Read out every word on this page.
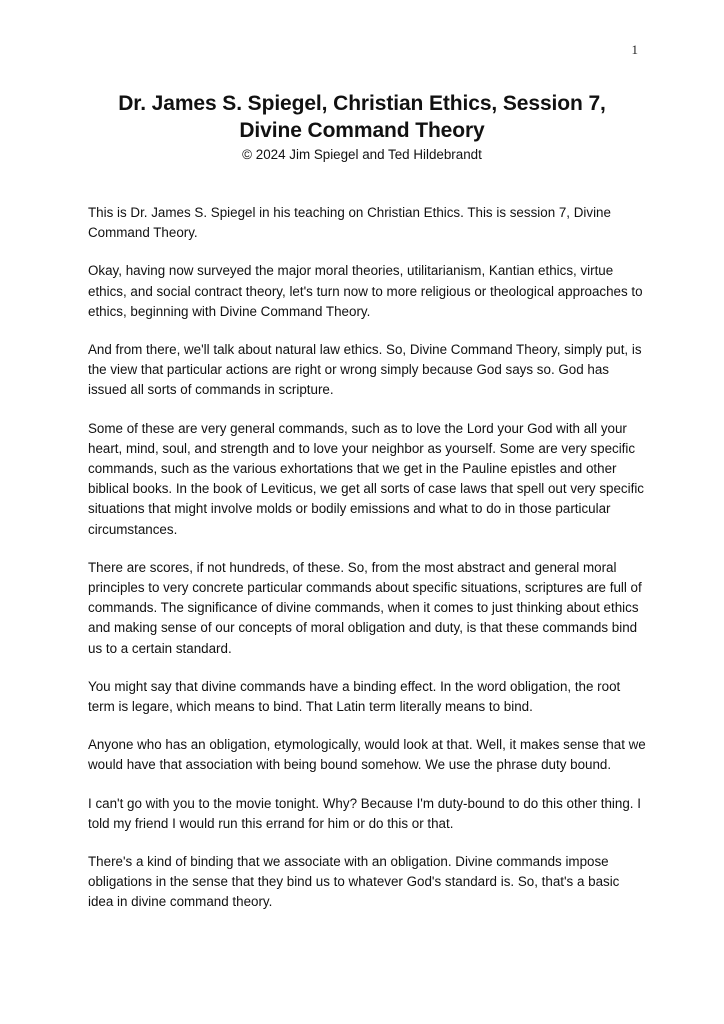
1
Dr. James S. Spiegel, Christian Ethics, Session 7,
Divine Command Theory
© 2024 Jim Spiegel and Ted Hildebrandt

This is Dr. James S. Spiegel in his teaching on Christian Ethics. This is session 7, Divine Command Theory.

Okay, having now surveyed the major moral theories, utilitarianism, Kantian ethics, virtue ethics, and social contract theory, let's turn now to more religious or theological approaches to ethics, beginning with Divine Command Theory.

And from there, we'll talk about natural law ethics. So, Divine Command Theory, simply put, is the view that particular actions are right or wrong simply because God says so. God has issued all sorts of commands in scripture.

Some of these are very general commands, such as to love the Lord your God with all your heart, mind, soul, and strength and to love your neighbor as yourself. Some are very specific commands, such as the various exhortations that we get in the Pauline epistles and other biblical books. In the book of Leviticus, we get all sorts of case laws that spell out very specific situations that might involve molds or bodily emissions and what to do in those particular circumstances.

There are scores, if not hundreds, of these. So, from the most abstract and general moral principles to very concrete particular commands about specific situations, scriptures are full of commands. The significance of divine commands, when it comes to just thinking about ethics and making sense of our concepts of moral obligation and duty, is that these commands bind us to a certain standard.

You might say that divine commands have a binding effect. In the word obligation, the root term is legare, which means to bind. That Latin term literally means to bind.

Anyone who has an obligation, etymologically, would look at that. Well, it makes sense that we would have that association with being bound somehow. We use the phrase duty bound.

I can't go with you to the movie tonight. Why? Because I'm duty-bound to do this other thing. I told my friend I would run this errand for him or do this or that.

There's a kind of binding that we associate with an obligation. Divine commands impose obligations in the sense that they bind us to whatever God's standard is. So, that's a basic idea in divine command theory.
